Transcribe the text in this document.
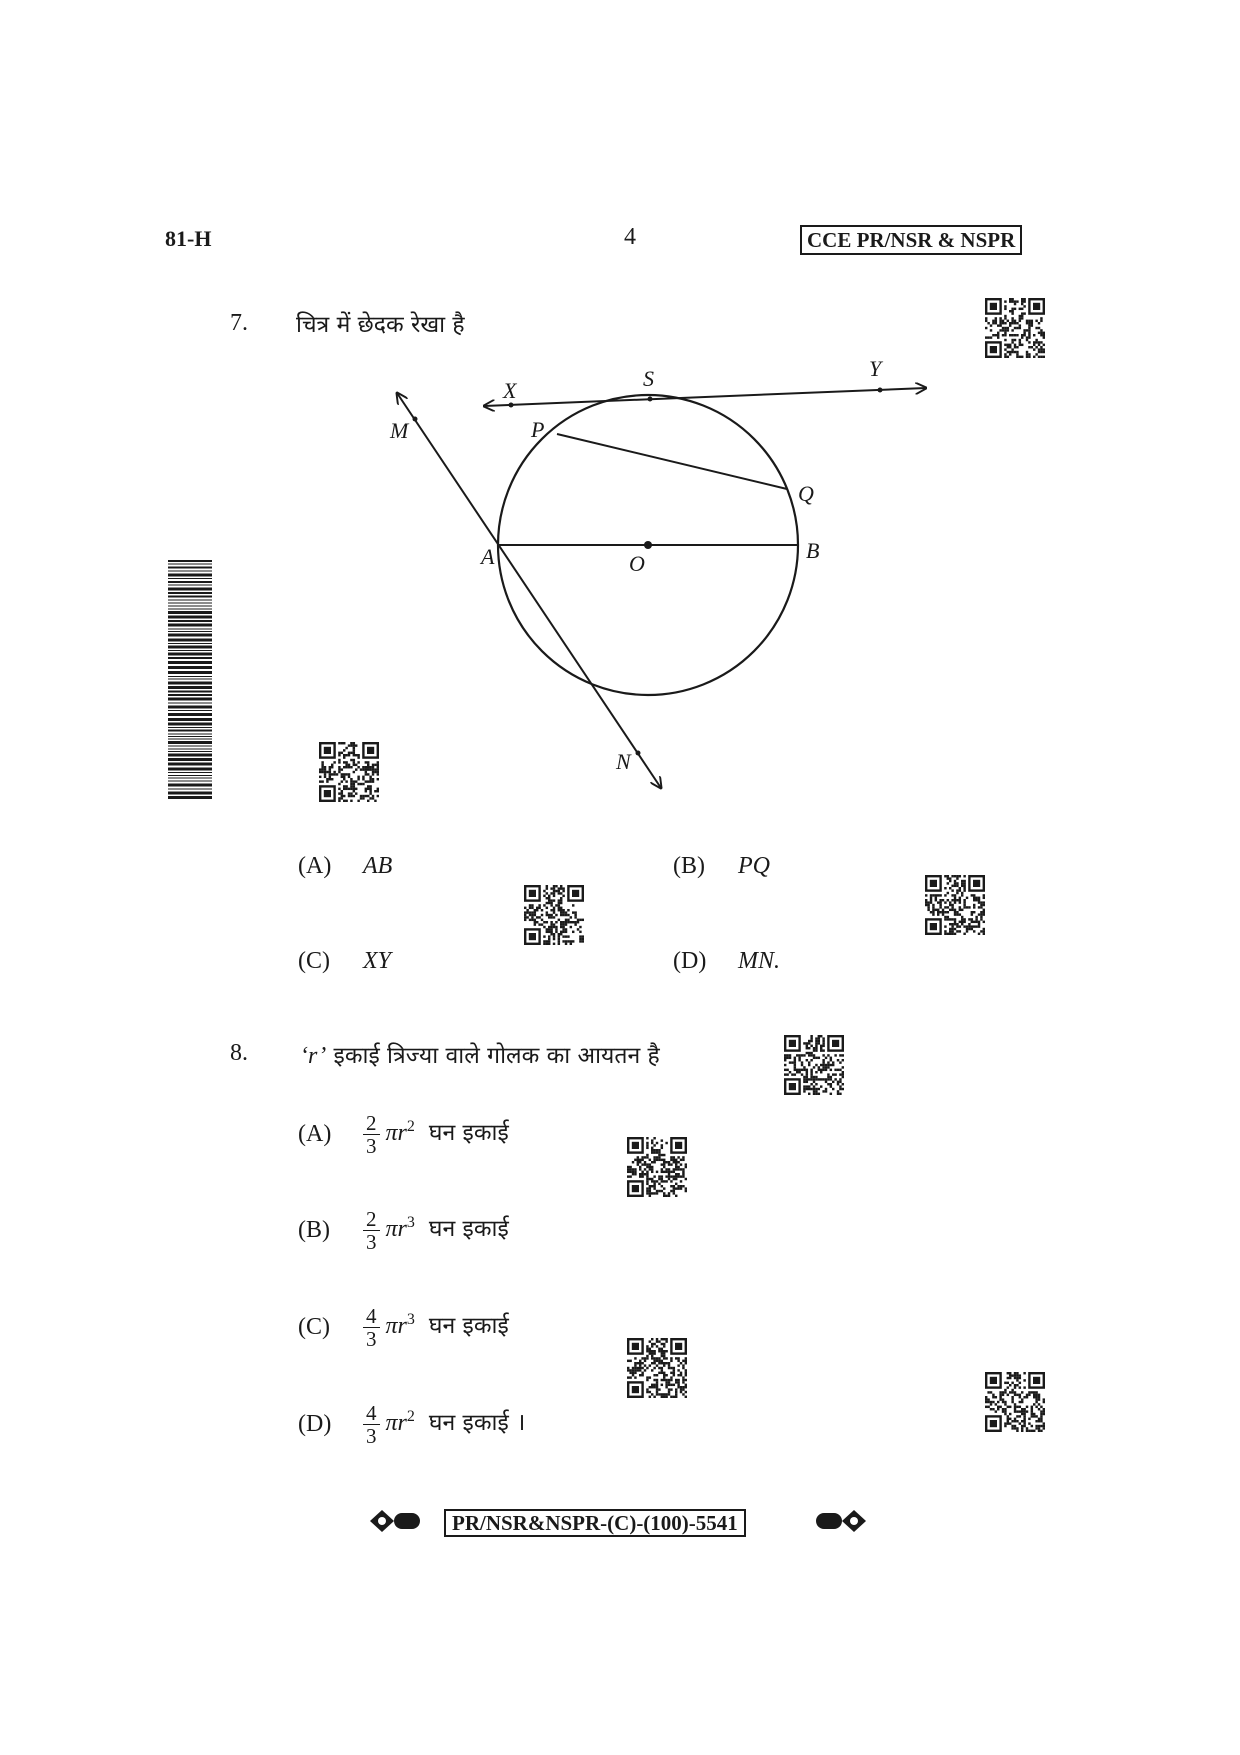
81-H	4	CCE PR/NSR & NSPR
7. चित्र में छेदक रेखा है
X	S	Y
M	P
Q
A	O
B
N
(A) AB	(B) PQ
(C) XY	(D) MN.
8. ‘r’ इकाई त्रिज्या वाले गोलक का आयतन है
$(A) \frac{2}{3} \pi r^2$ घन इकाई
$(B) \frac{2}{3} \pi r^3$ घन इकाई
$(C) \frac{4}{3} \pi r^3$ घन इकाई
$(D) \frac{4}{3} \pi r^2$ घन इकाई ।
PR/NSR&NSPR-(C)-(100)-5541
